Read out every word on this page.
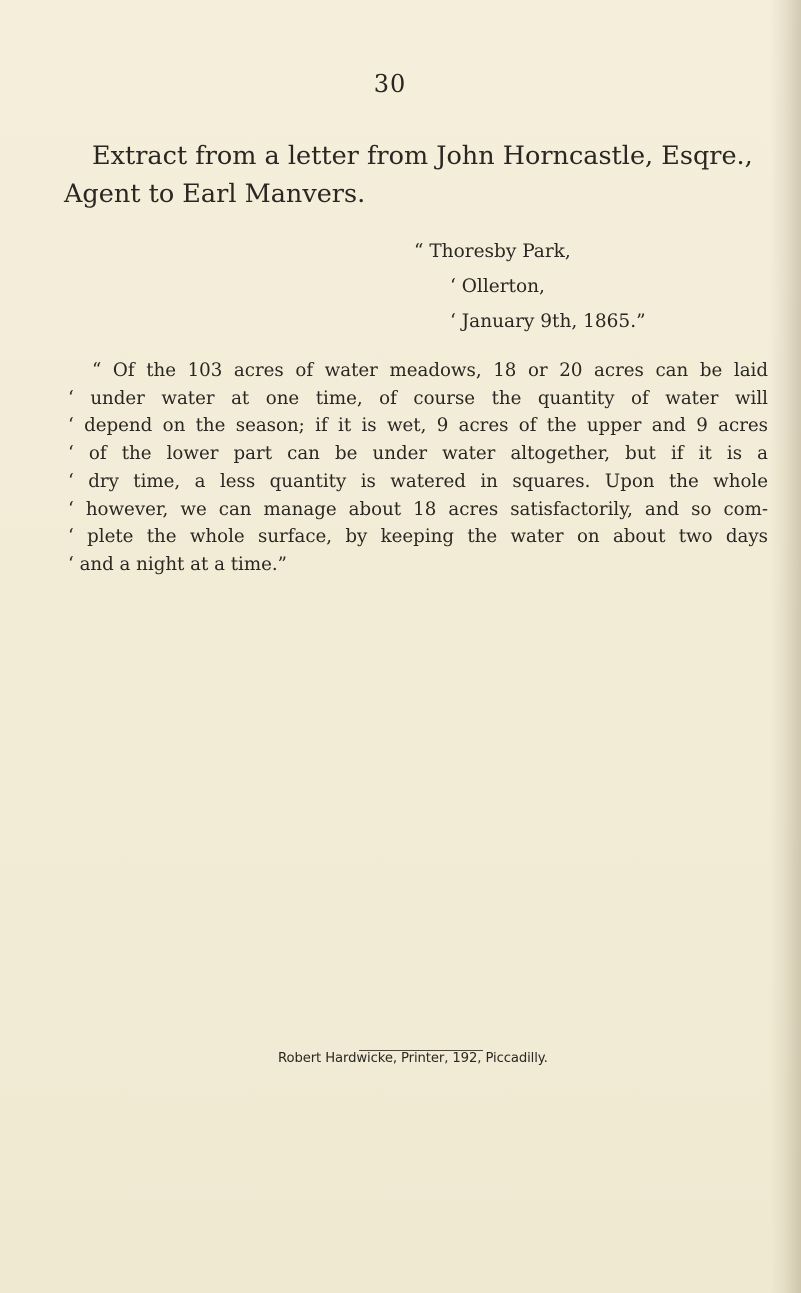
30
Extract from a letter from John Horncastle, Esqre.,
Agent to Earl Manvers.
“ Thoresby Park,
‘ Ollerton,
‘ January 9th, 1865.”
“ Of the 103 acres of water meadows, 18 or 20 acres can be laid
‘ under water at one time, of course the quantity of water will
‘ depend on the season; if it is wet, 9 acres of the upper and 9 acres
‘ of the lower part can be under water altogether, but if it is a
‘ dry time, a less quantity is watered in squares. Upon the whole
‘ however, we can manage about 18 acres satisfactorily, and so com-
‘ plete the whole surface, by keeping the water on about two days
‘ and a night at a time.”
Robert Hardwicke, Printer, 192, Piccadilly.
